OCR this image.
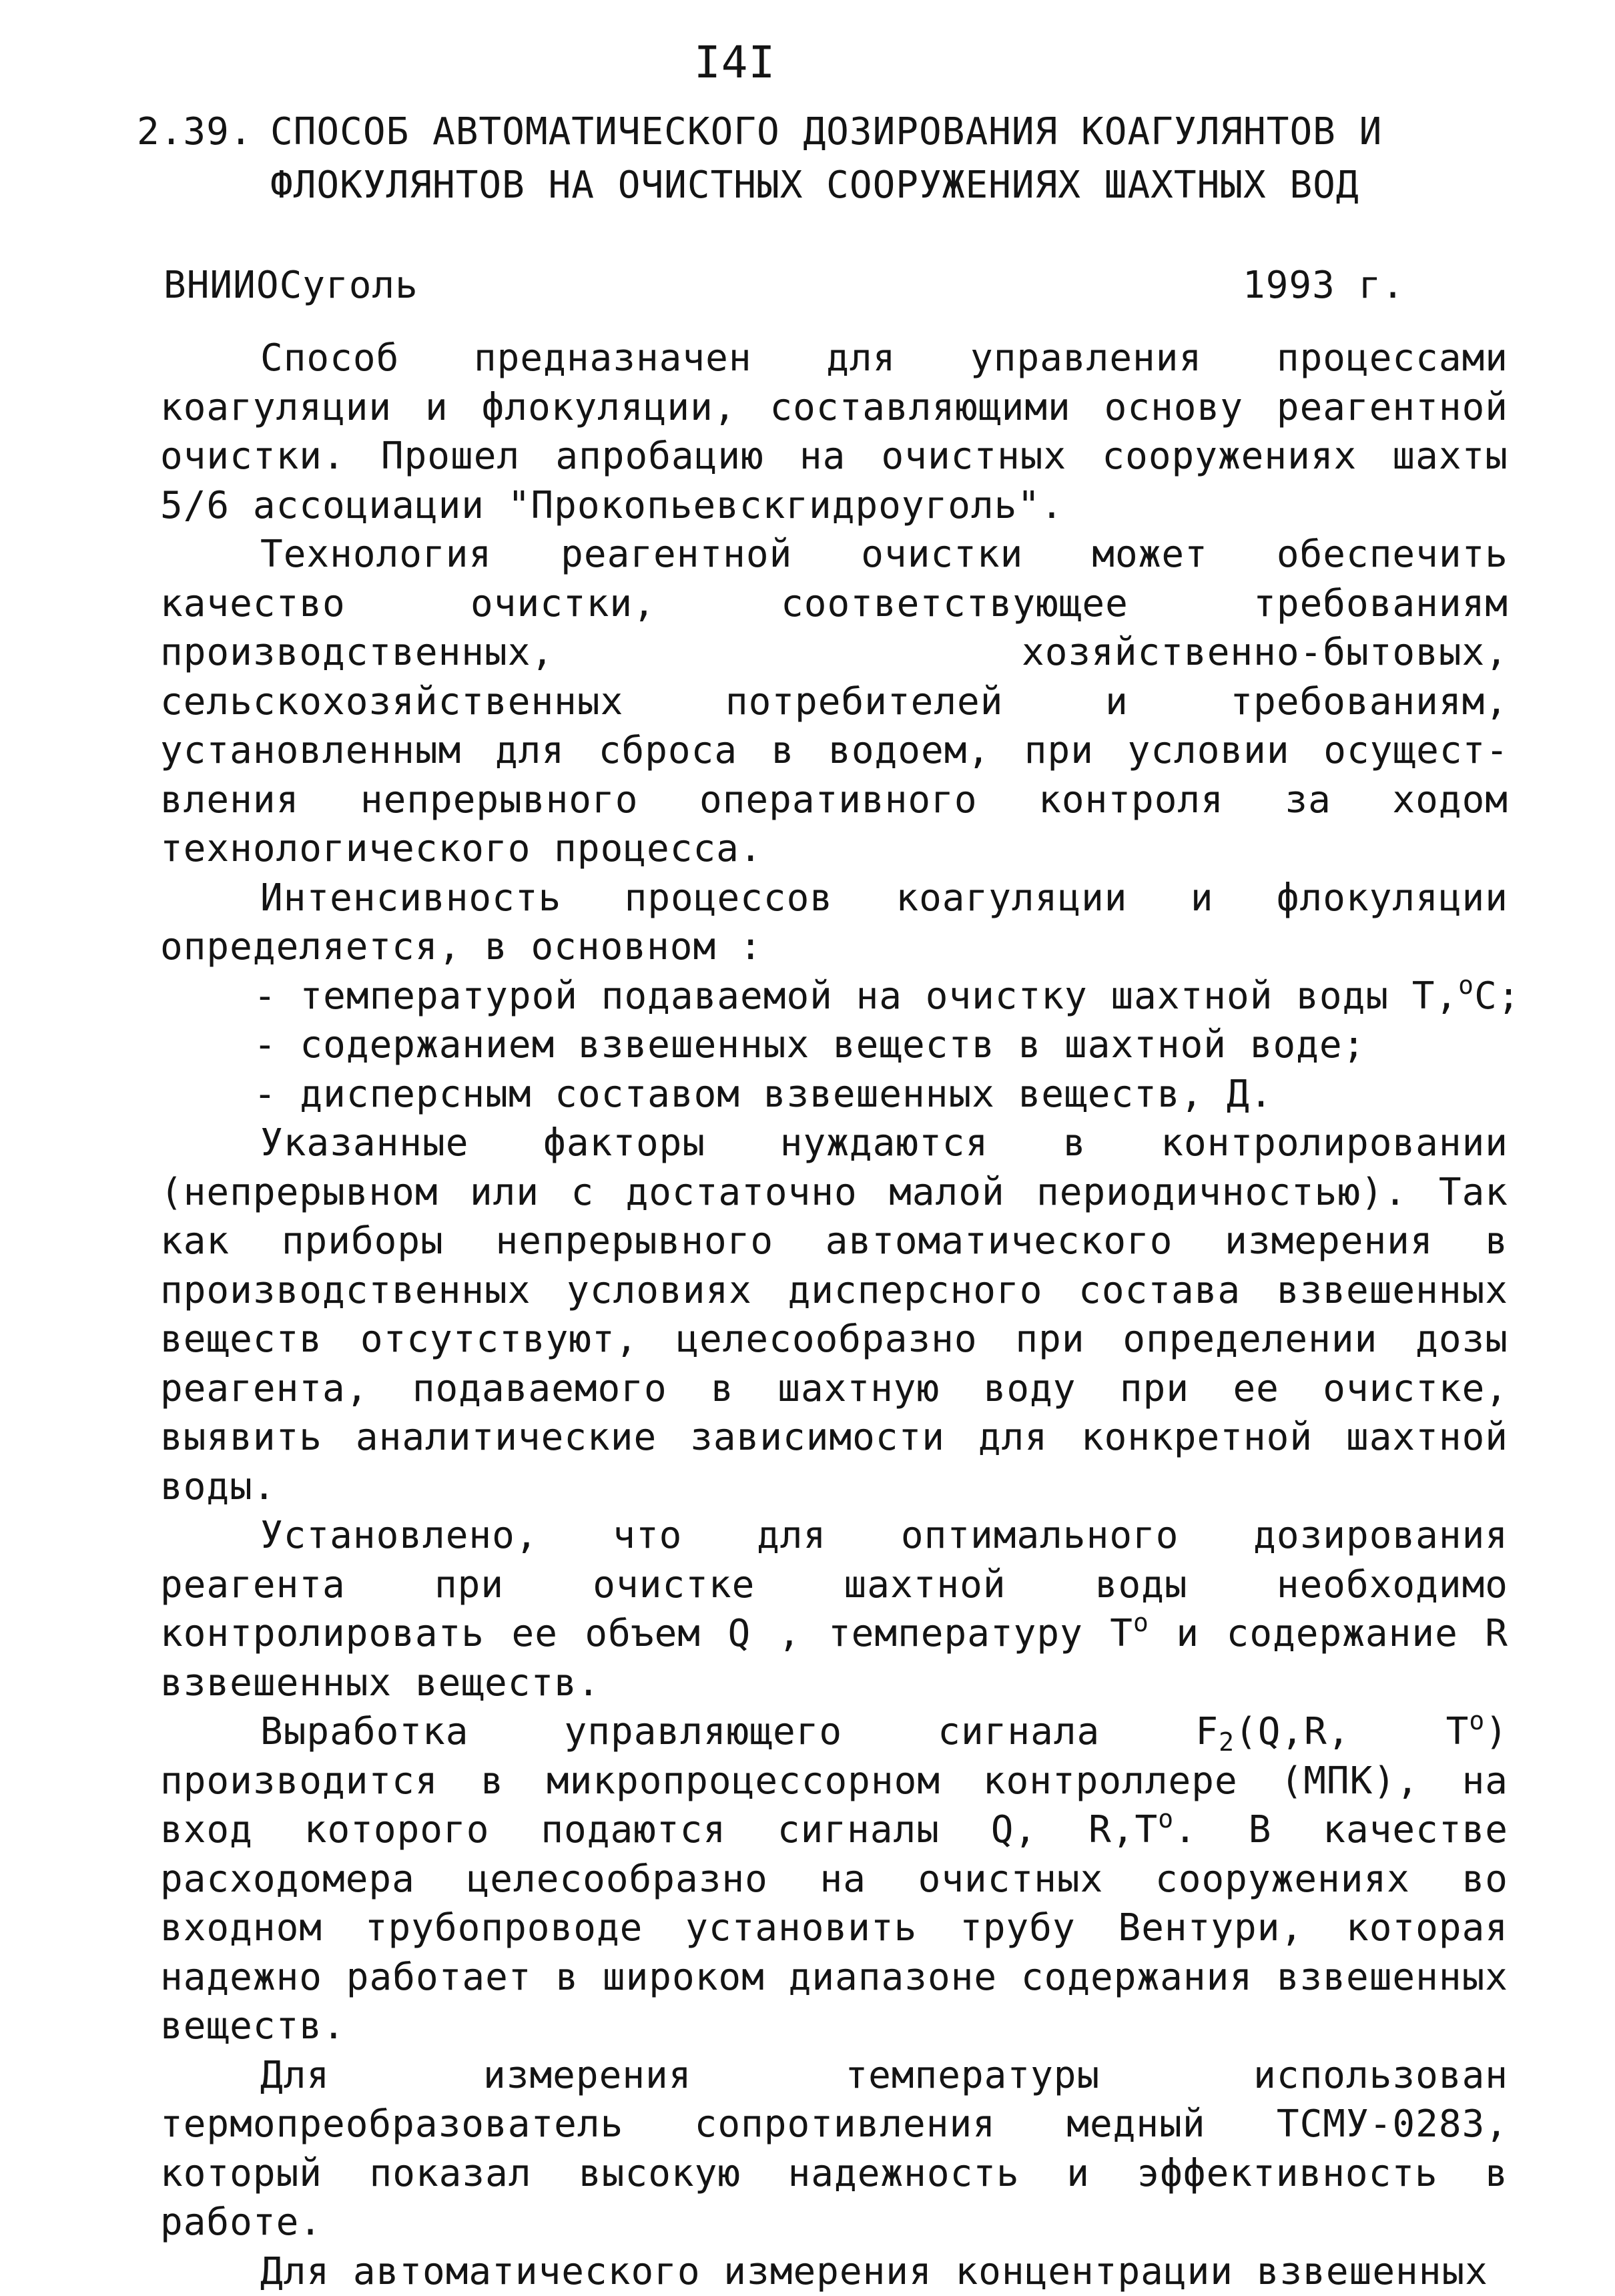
I4I
2.39. СПОСОБ АВТОМАТИЧЕСКОГО ДОЗИРОВАНИЯ КОАГУЛЯНТОВ И
ФЛОКУЛЯНТОВ НА ОЧИСТНЫХ СООРУЖЕНИЯХ ШАХТНЫХ ВОД
ВНИИОСуголь	1993 г.

Способ предназначен для управления процессами коагуляции и флокуляции, составляющими основу реагентной очистки. Прошел апробацию на очистных сооружениях шахты 5/6 ассоциации "Прокопьевскгидроуголь".

Технология реагентной очистки может обеспечить качество очистки, соответствующее требованиям производственных, хозяйственно-бытовых, сельскохозяйственных потребителей и требованиям, установленным для сброса в водоем, при условии осуществления непрерывного оперативного контроля за ходом технологического процесса.

Интенсивность процессов коагуляции и флокуляции определяется, в основном :

- температурой подаваемой на очистку шахтной воды Т,$^о$С;

- содержанием взвешенных веществ в шахтной воде;

- дисперсным составом взвешенных веществ, Д.

Указанные факторы нуждаются в контролировании (непрерывном или с достаточно малой периодичностью). Так как приборы непрерывного автоматического измерения в производственных условиях дисперсного состава взвешенных веществ отсутствуют, целесообразно при определении дозы реагента, подаваемого в шахтную воду при ее очистке, выявить аналитические зависимости для конкретной шахтной воды.

Установлено, что для оптимального дозирования реагента при очистке шахтной воды необходимо контролировать ее объем Q , температуру $Т^о$ и содержание R взвешенных веществ.

Выработка управляющего сигнала $F_2(Q,R$, $Т^о$) производится в микропроцессорном контроллере (МПК), на вход которого подаются сигналы Q, $R,T^о$. В качестве расходомера целесообразно на очистных сооружениях во входном трубопроводе установить трубу Вентури, которая надежно работает в широком диапазоне содержания взвешенных веществ.

Для измерения температуры использован термопреобразователь сопротивления медный ТСМУ-0283, который показал высокую надежность и эффективность в работе.

Для автоматического измерения концентрации взвешенных
